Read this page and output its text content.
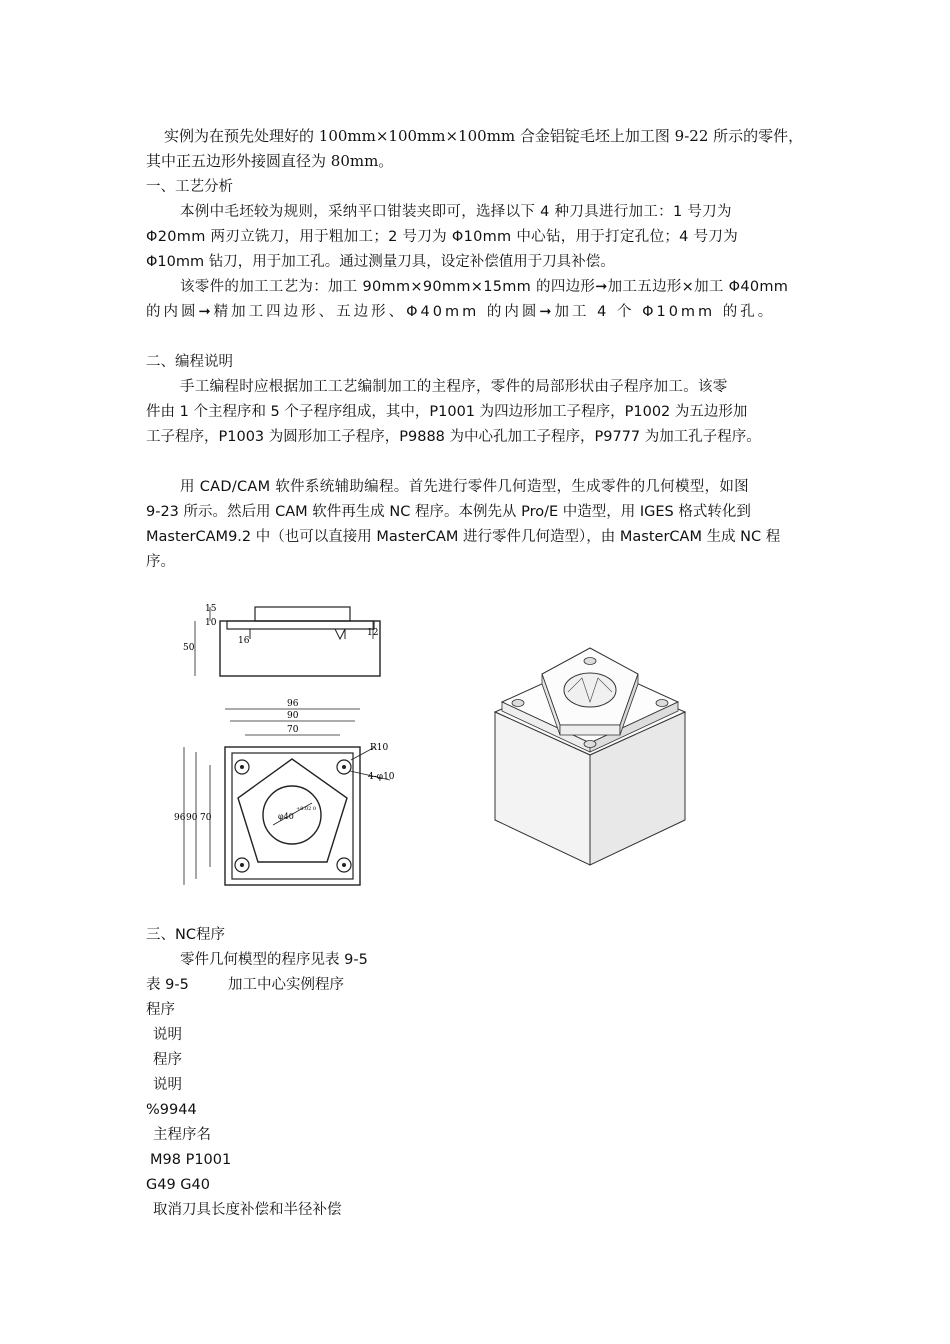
实例为在预先处理好的 100mm×100mm×100mm 合金铝锭毛坯上加工图 9-22 所示的零件，
其中正五边形外接圆直径为 80mm。
一、工艺分析
本例中毛坯较为规则，采纳平口钳装夹即可，选择以下 4 种刀具进行加工：1 号刀为
Φ20mm 两刃立铣刀，用于粗加工；2 号刀为 Φ10mm 中心钻，用于打定孔位；4 号刀为
Φ10mm 钻刀，用于加工孔。通过测量刀具，设定补偿值用于刀具补偿。
该零件的加工工艺为：加工 90mm×90mm×15mm 的四边形➞加工五边形×加工 Φ40mm
的内圆➞精加工四边形、五边形、Φ40mm 的内圆➞加工 4 个 Φ10mm 的孔。
二、编程说明
手工编程时应根据加工工艺编制加工的主程序，零件的局部形状由子程序加工。该零
件由 1 个主程序和 5 个子程序组成，其中，P1001 为四边形加工子程序，P1002 为五边形加
工子程序，P1003 为圆形加工子程序，P9888 为中心孔加工子程序，P9777 为加工孔子程序。
用 CAD/CAM 软件系统辅助编程。首先进行零件几何造型，生成零件的几何模型，如图
9-23 所示。然后用 CAM 软件再生成 NC 程序。本例先从 Pro/E 中造型，用 IGES 格式转化到
MasterCAM9.2 中（也可以直接用 MasterCAM 进行零件几何造型），由 MasterCAM 生成 NC 程
序。
50
15
10
16
12
96
90
70
96 90 70	φ40
+0.02 0
R10
4-φ10
三、NC程序
零件几何模型的程序见表 9-5
表 9-5	加工中心实例程序
程序
说明
程序
说明
%9944
主程序名
M98 P1001
G49 G40
取消刀具长度补偿和半径补偿
